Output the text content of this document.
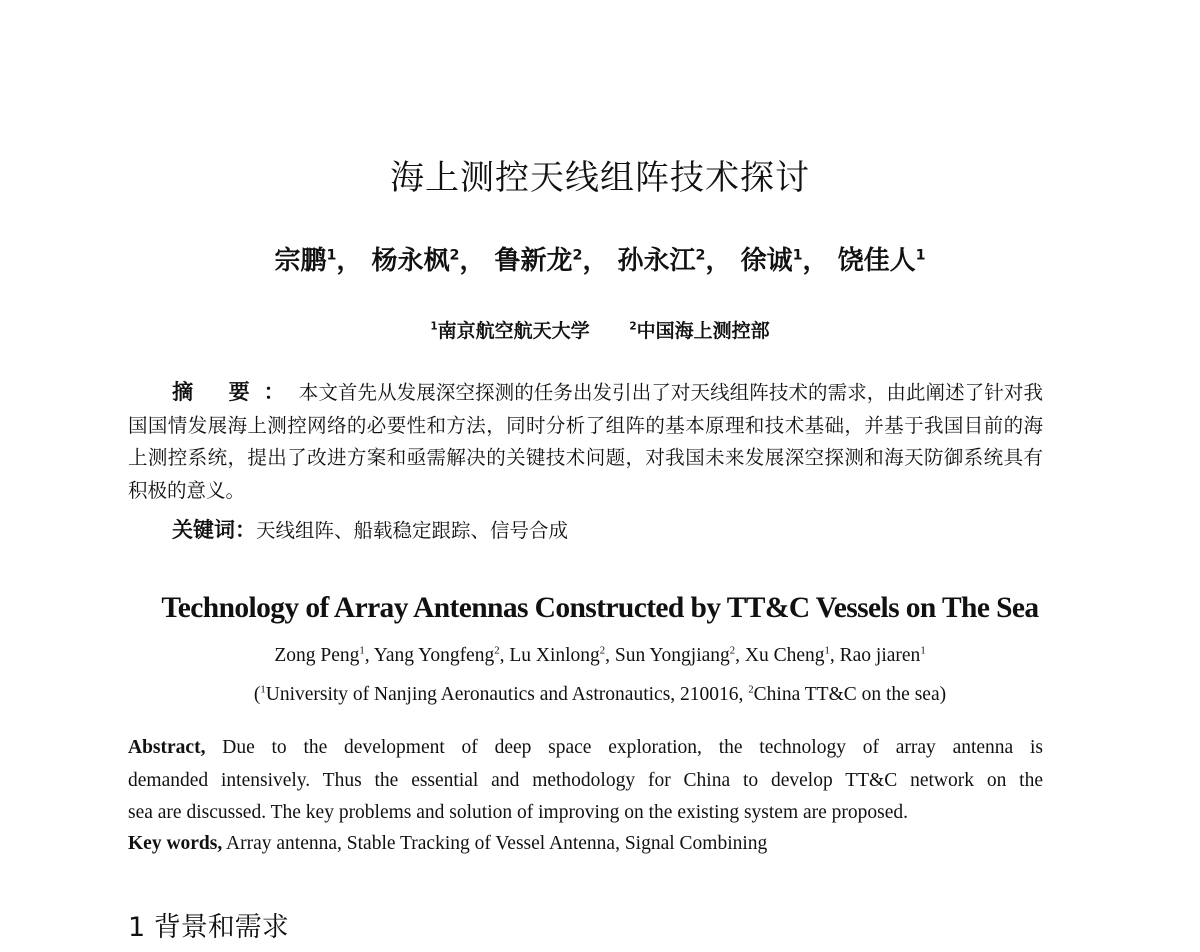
海上测控天线组阵技术探讨
宗鹏$^1$， 杨永枫$^2$， 鲁新龙$^2$， 孙永江$^2$， 徐诚$^1$， 饶佳人$^1$
$^1$南京航空航天大学	$^2$中国海上测控部
摘 要：本文首先从发展深空探测的任务出发引出了对天线组阵技术的需求，由此阐述了针对我国国情发展海上测控网络的必要性和方法，同时分析了组阵的基本原理和技术基础，并基于我国目前的海上测控系统，提出了改进方案和亟需解决的关键技术问题，对我国未来发展深空探测和海天防御系统具有积极的意义。
关键词：天线组阵、船载稳定跟踪、信号合成
Technology of Array Antennas Constructed by TT&C Vessels on The Sea
Zong Peng$^1$, Yang Yongfeng$^2$, Lu Xinlong$^2$, Sun Yongjiang$^2$, Xu Cheng$^1$, Rao jiaren$^1$
($^1$University of Nanjing Aeronautics and Astronautics, 210016, $^2$China TT&C on the sea)
Abstract, Due to the development of deep space exploration, the technology of array antenna is
demanded intensively. Thus the essential and methodology for China to develop TT&C network on the
sea are discussed. The key problems and solution of improving on the existing system are proposed.
Key words, Array antenna, Stable Tracking of Vessel Antenna, Signal Combining
1 背景和需求
